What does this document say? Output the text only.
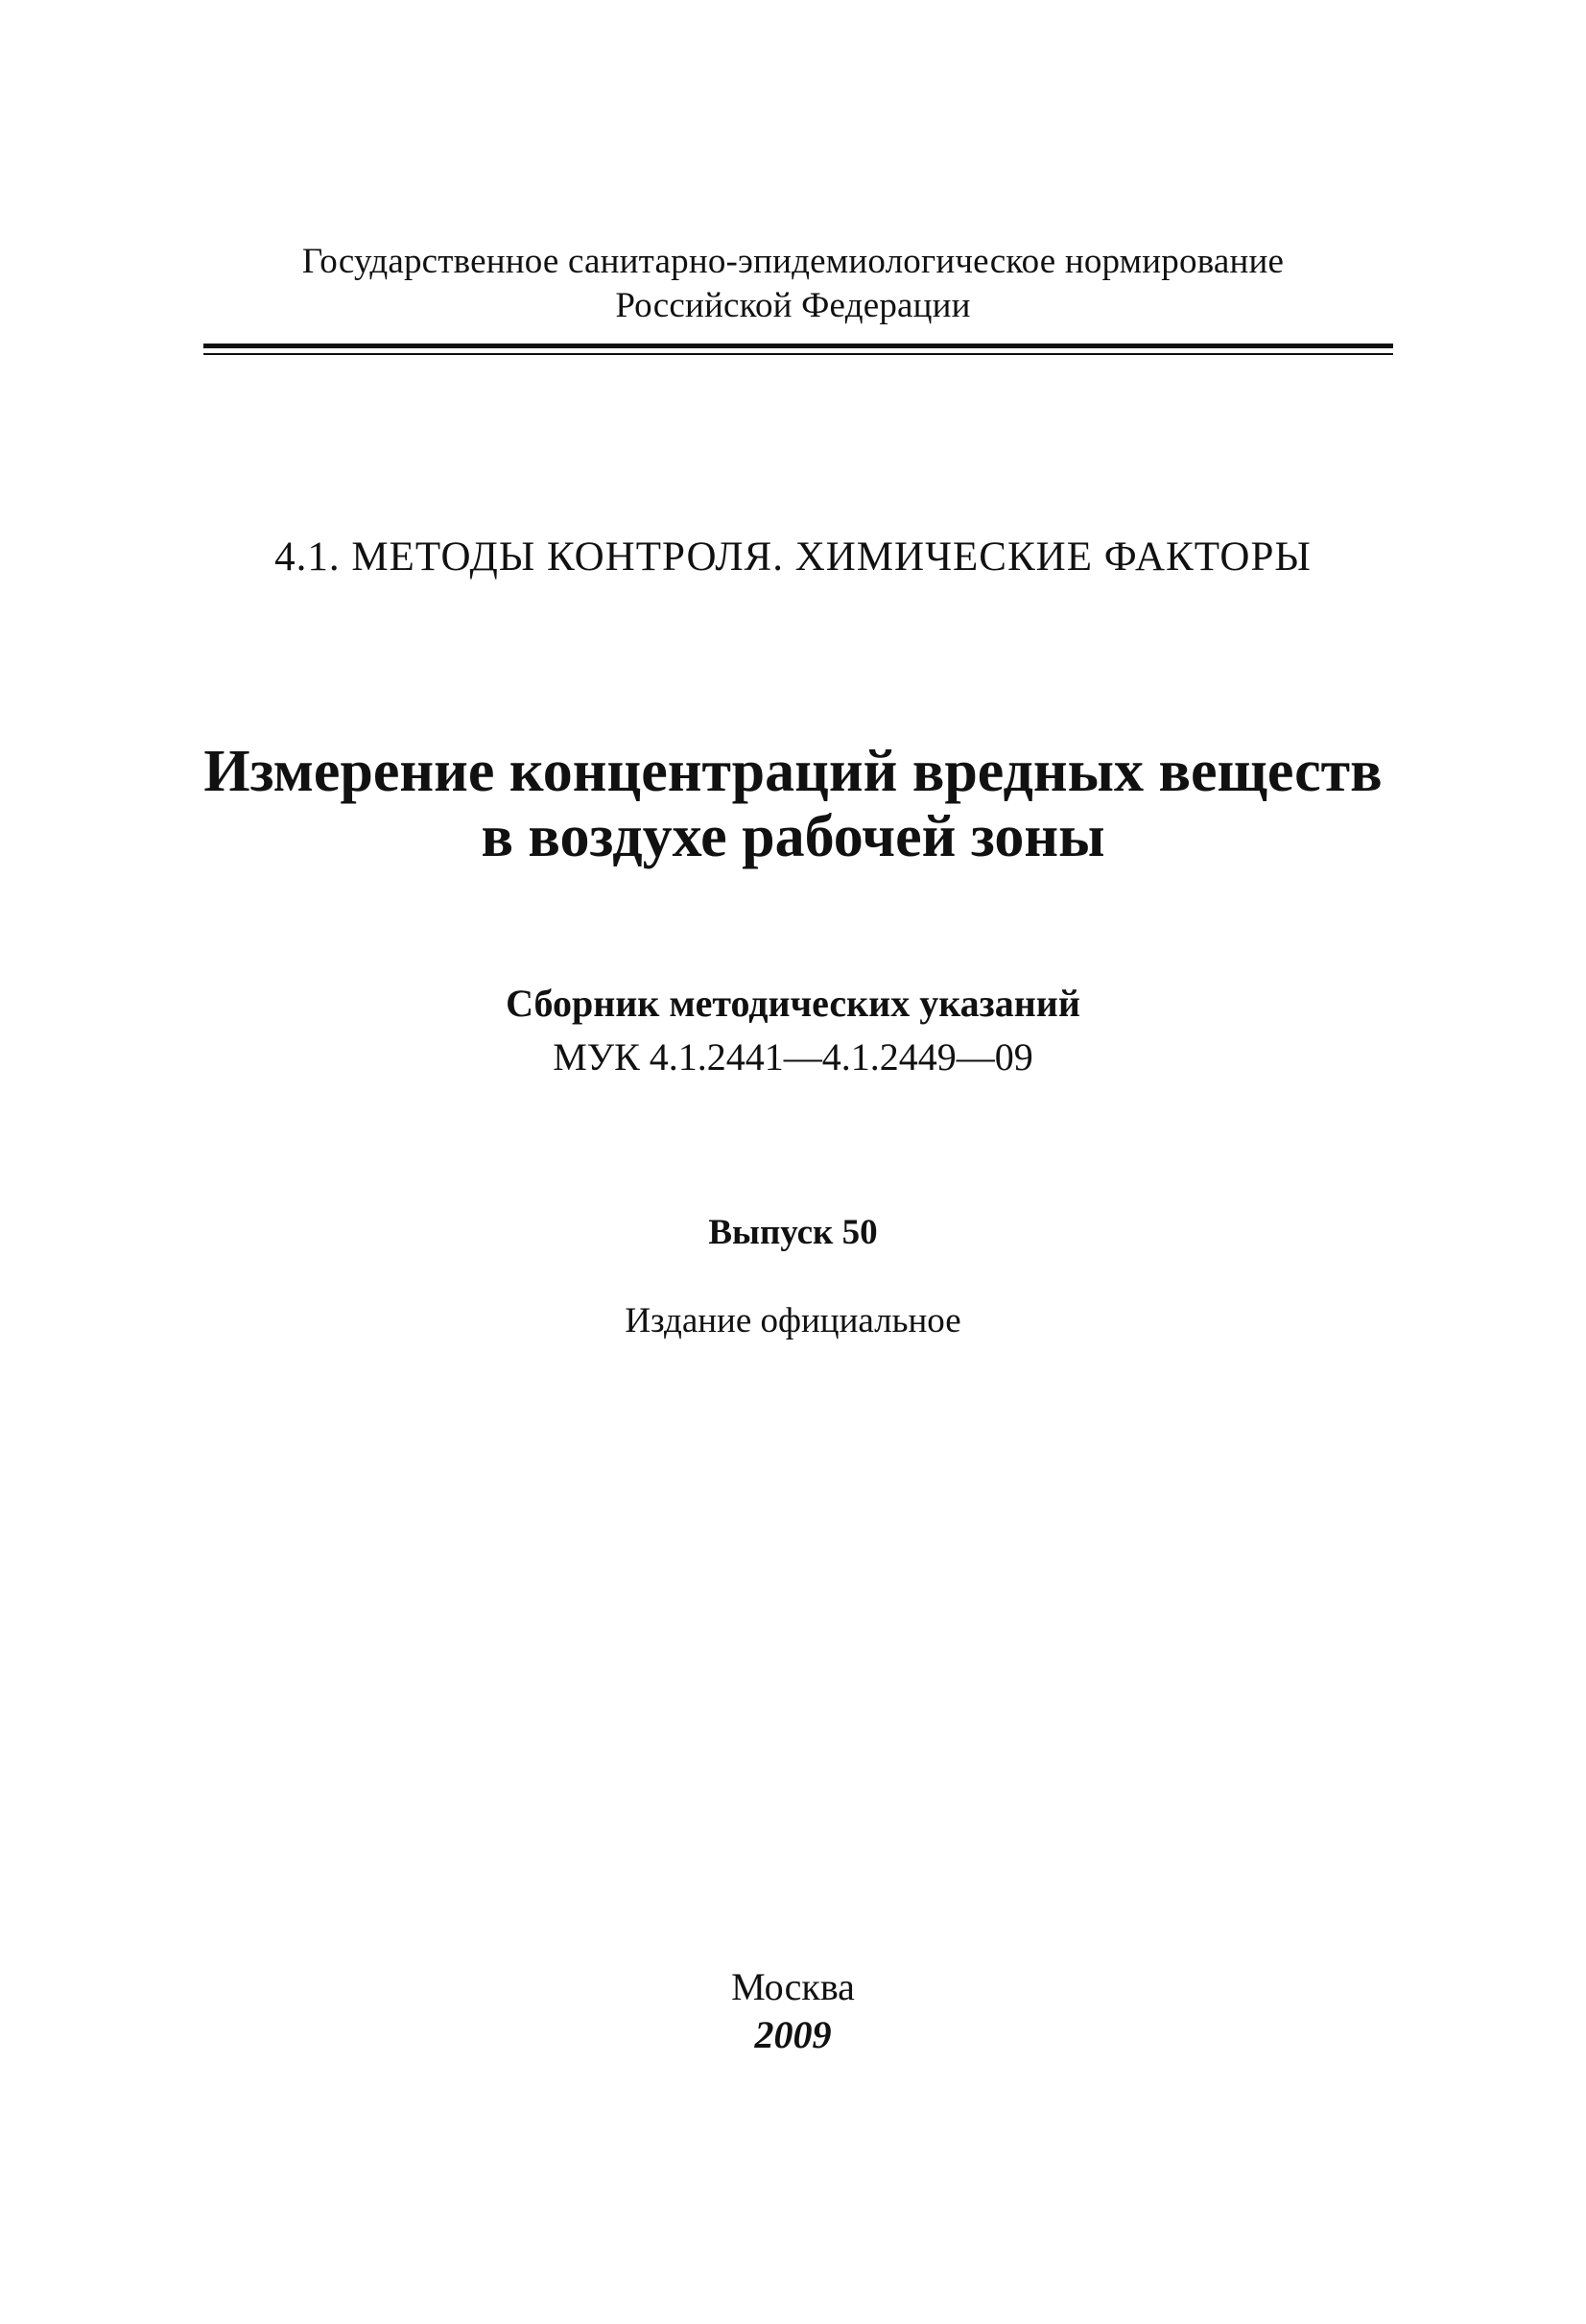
Государственное санитарно-эпидемиологическое нормирование
Российской Федерации
4.1. МЕТОДЫ КОНТРОЛЯ. ХИМИЧЕСКИЕ ФАКТОРЫ
Измерение концентраций вредных веществ
в воздухе рабочей зоны
Сборник методических указаний
МУК 4.1.2441—4.1.2449—09
Выпуск 50
Издание официальное
Москва
2009
